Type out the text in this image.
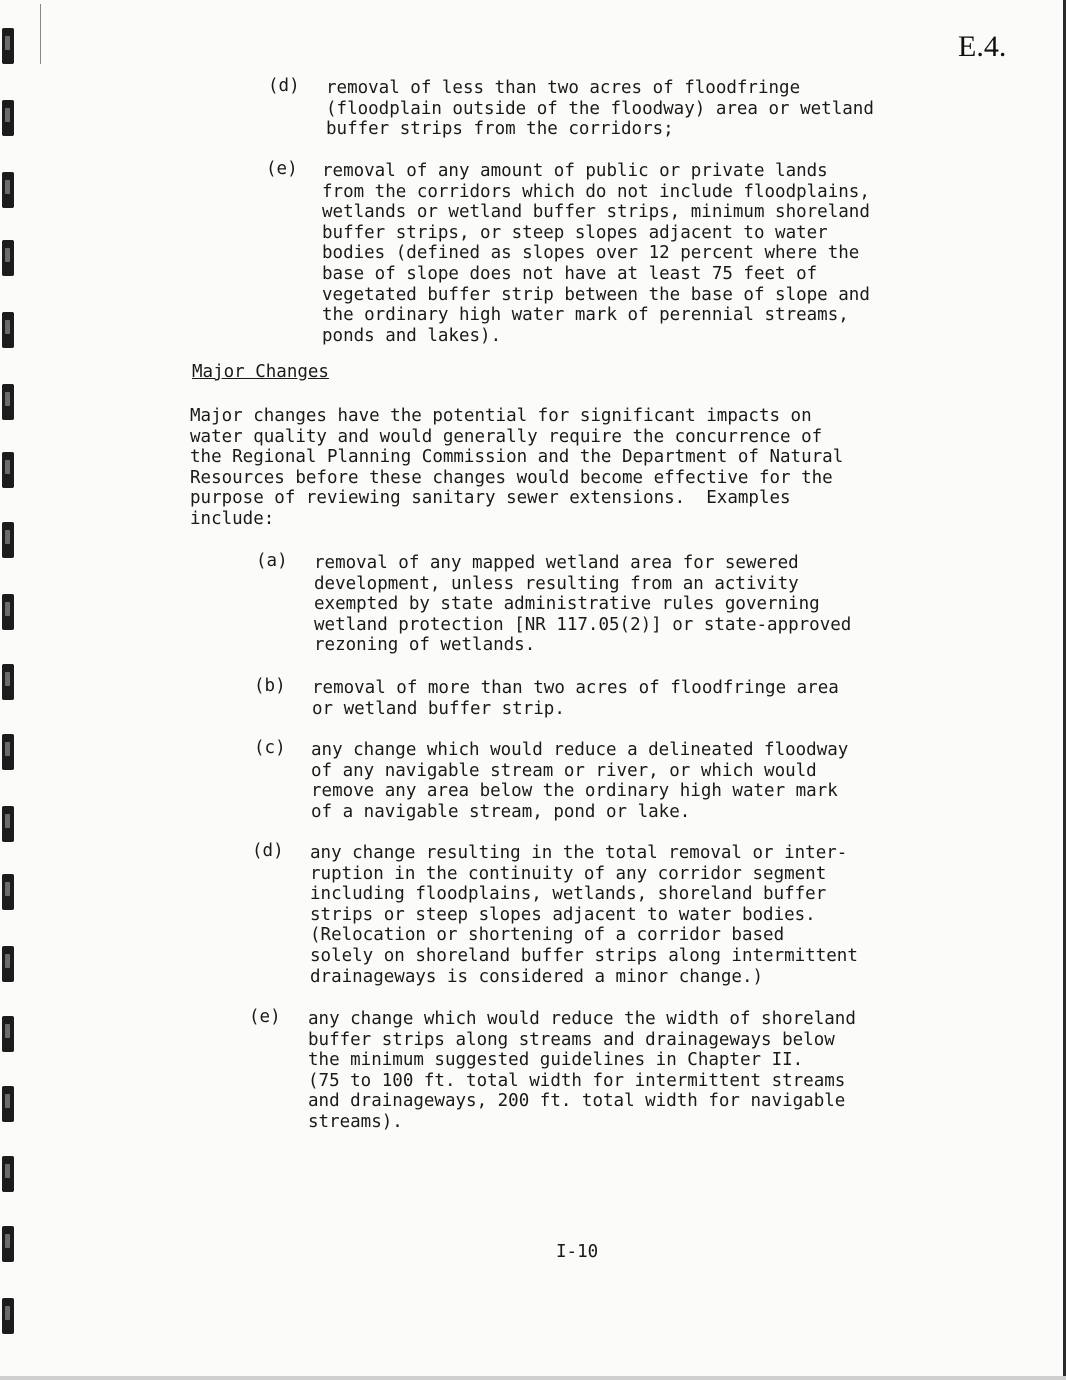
E.4.
(d) removal of less than two acres of floodfringe
(floodplain outside of the floodway) area or wetland
buffer strips from the corridors;
(e) removal of any amount of public or private lands
from the corridors which do not include floodplains,
wetlands or wetland buffer strips, minimum shoreland
buffer strips, or steep slopes adjacent to water
bodies (defined as slopes over 12 percent where the
base of slope does not have at least 75 feet of
vegetated buffer strip between the base of slope and
the ordinary high water mark of perennial streams,
ponds and lakes).
Major Changes
Major changes have the potential for significant impacts on
water quality and would generally require the concurrence of
the Regional Planning Commission and the Department of Natural
Resources before these changes would become effective for the
purpose of reviewing sanitary sewer extensions.  Examples
include:
(a) removal of any mapped wetland area for sewered
development, unless resulting from an activity
exempted by state administrative rules governing
wetland protection [NR 117.05(2)] or state-approved
rezoning of wetlands.
(b) removal of more than two acres of floodfringe area
or wetland buffer strip.
(c) any change which would reduce a delineated floodway
of any navigable stream or river, or which would
remove any area below the ordinary high water mark
of a navigable stream, pond or lake.
(d) any change resulting in the total removal or inter-
ruption in the continuity of any corridor segment
including floodplains, wetlands, shoreland buffer
strips or steep slopes adjacent to water bodies.
(Relocation or shortening of a corridor based
solely on shoreland buffer strips along intermittent
drainageways is considered a minor change.)
(e) any change which would reduce the width of shoreland
buffer strips along streams and drainageways below
the minimum suggested guidelines in Chapter II.
(75 to 100 ft. total width for intermittent streams
and drainageways, 200 ft. total width for navigable
streams).
I-10
